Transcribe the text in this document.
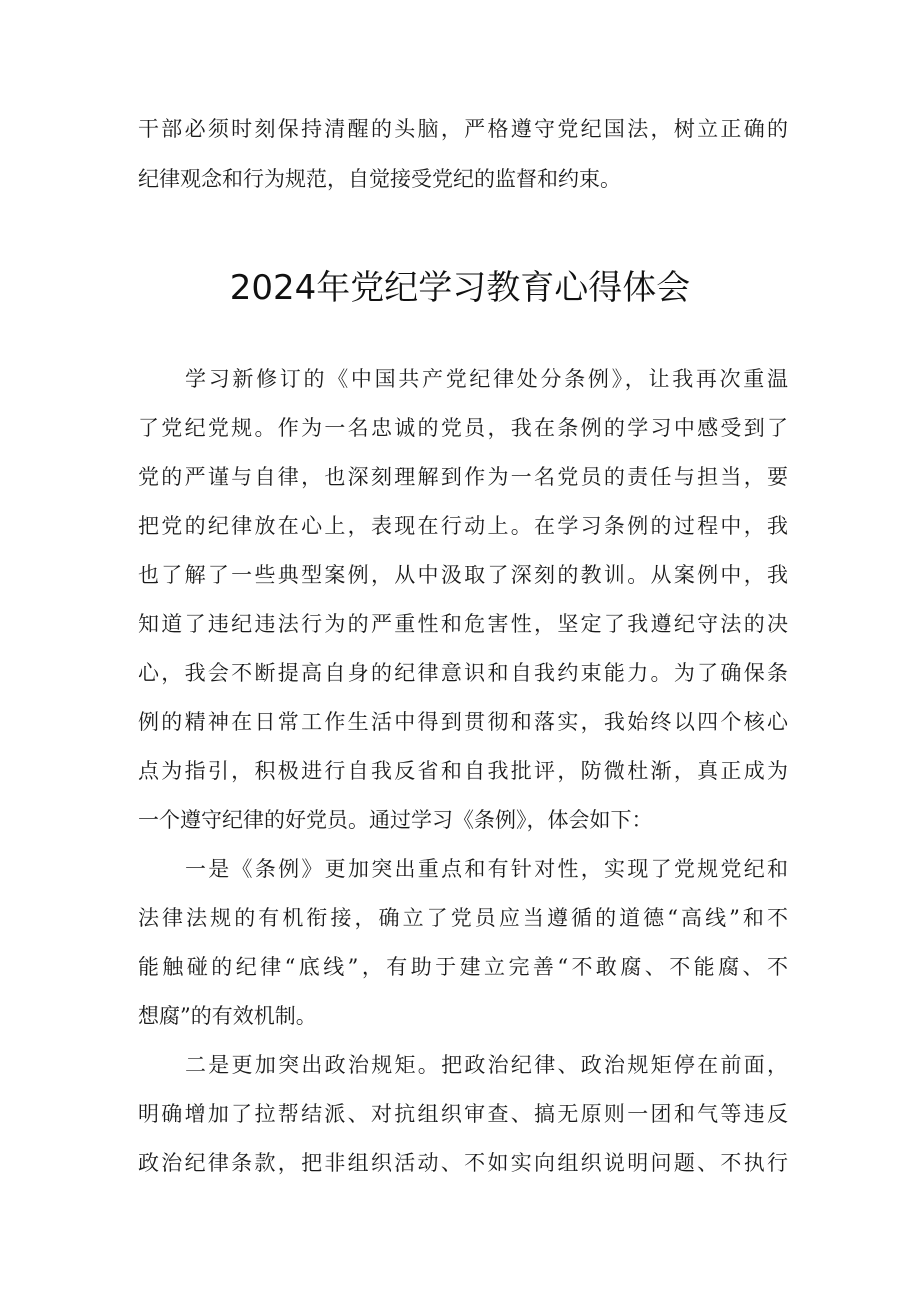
干部必须时刻保持清醒的头脑，严格遵守党纪国法，树立正确的
纪律观念和行为规范，自觉接受党纪的监督和约束。
2024年党纪学习教育心得体会
学习新修订的《中国共产党纪律处分条例》，让我再次重温
了党纪党规。作为一名忠诚的党员，我在条例的学习中感受到了
党的严谨与自律，也深刻理解到作为一名党员的责任与担当，要
把党的纪律放在心上，表现在行动上。在学习条例的过程中，我
也了解了一些典型案例，从中汲取了深刻的教训。从案例中，我
知道了违纪违法行为的严重性和危害性，坚定了我遵纪守法的决
心，我会不断提高自身的纪律意识和自我约束能力。为了确保条
例的精神在日常工作生活中得到贯彻和落实，我始终以四个核心
点为指引，积极进行自我反省和自我批评，防微杜渐，真正成为
一个遵守纪律的好党员。通过学习《条例》，体会如下：
一是《条例》更加突出重点和有针对性，实现了党规党纪和
法律法规的有机衔接，确立了党员应当遵循的道德“高线”和不
能触碰的纪律“底线”，有助于建立完善“不敢腐、不能腐、不
想腐”的有效机制。
二是更加突出政治规矩。把政治纪律、政治规矩停在前面，
明确增加了拉帮结派、对抗组织审查、搞无原则一团和气等违反
政治纪律条款，把非组织活动、不如实向组织说明问题、不执行
